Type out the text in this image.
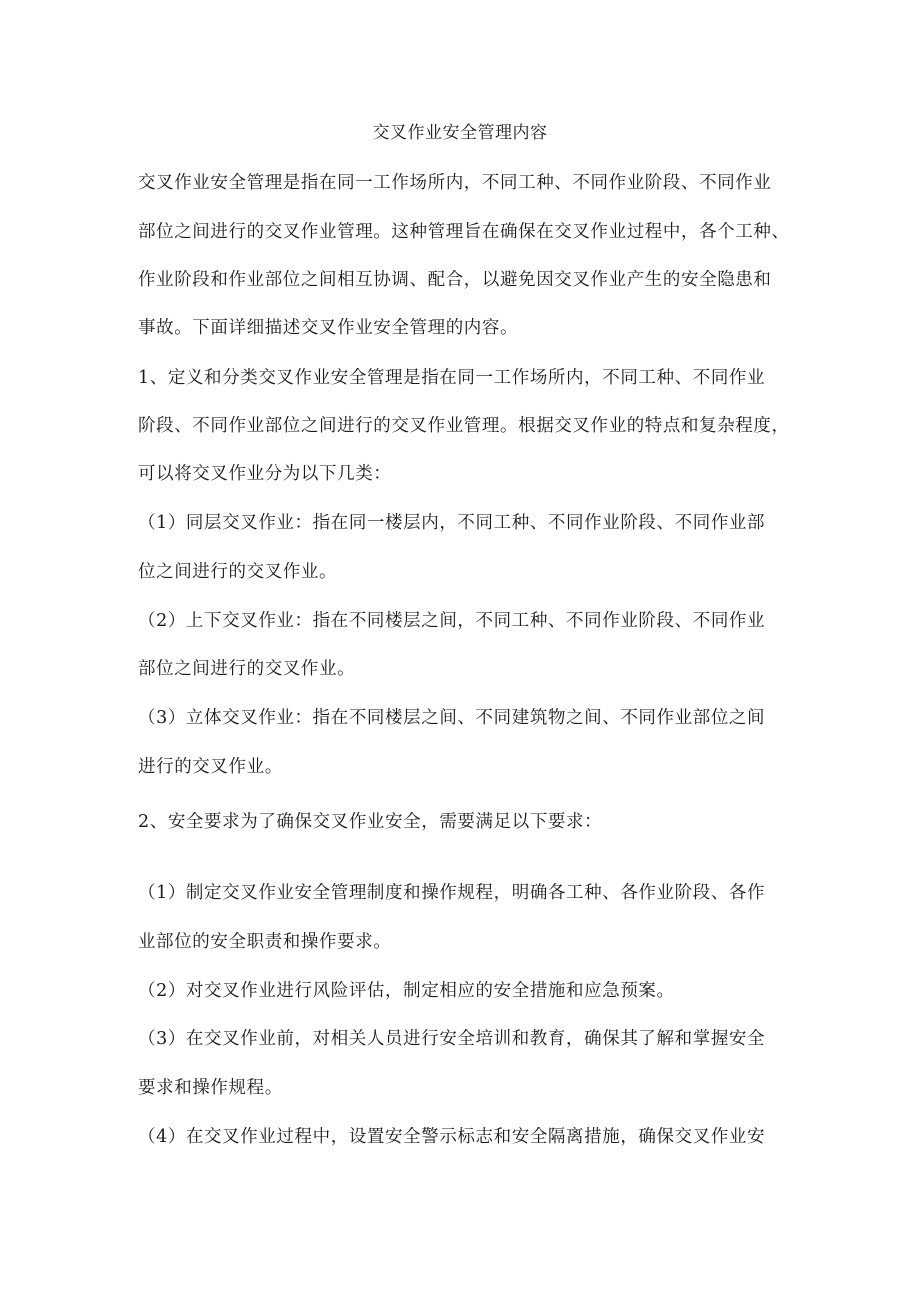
交叉作业安全管理内容
交叉作业安全管理是指在同一工作场所内，不同工种、不同作业阶段、不同作业
部位之间进行的交叉作业管理。这种管理旨在确保在交叉作业过程中，各个工种、
作业阶段和作业部位之间相互协调、配合，以避免因交叉作业产生的安全隐患和
事故。下面详细描述交叉作业安全管理的内容。
1、定义和分类交叉作业安全管理是指在同一工作场所内，不同工种、不同作业
阶段、不同作业部位之间进行的交叉作业管理。根据交叉作业的特点和复杂程度，
可以将交叉作业分为以下几类：
（1）同层交叉作业：指在同一楼层内，不同工种、不同作业阶段、不同作业部
位之间进行的交叉作业。
（2）上下交叉作业：指在不同楼层之间，不同工种、不同作业阶段、不同作业
部位之间进行的交叉作业。
（3）立体交叉作业：指在不同楼层之间、不同建筑物之间、不同作业部位之间
进行的交叉作业。
2、安全要求为了确保交叉作业安全，需要满足以下要求：
（1）制定交叉作业安全管理制度和操作规程，明确各工种、各作业阶段、各作
业部位的安全职责和操作要求。
（2）对交叉作业进行风险评估，制定相应的安全措施和应急预案。
（3）在交叉作业前，对相关人员进行安全培训和教育，确保其了解和掌握安全
要求和操作规程。
（4）在交叉作业过程中，设置安全警示标志和安全隔离措施，确保交叉作业安
